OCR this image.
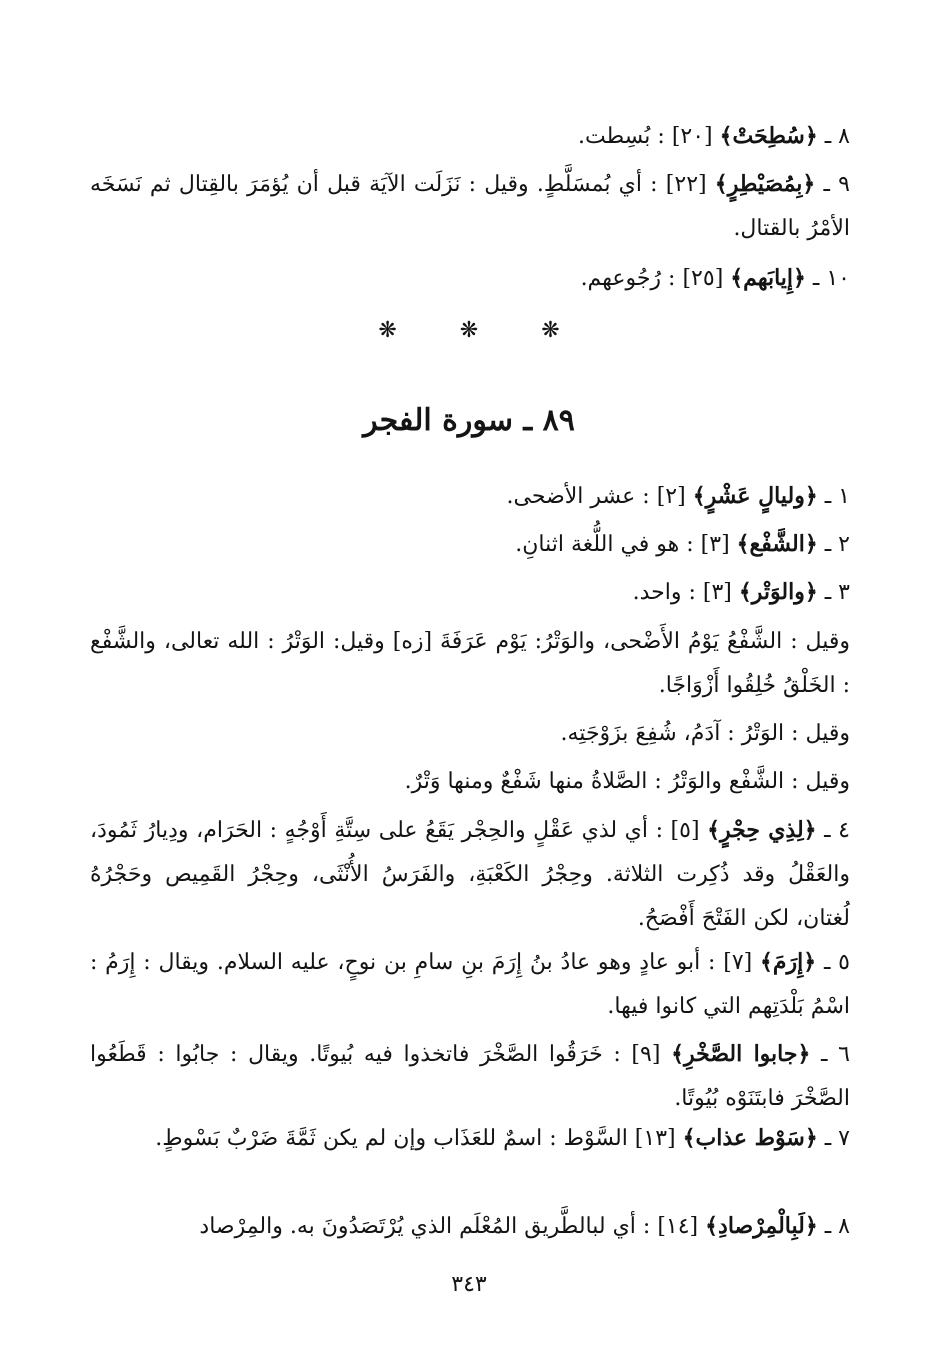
٨ ـ ﴿سُطِحَتْ﴾ [٢٠] : بُسِطت.

٩ ـ ﴿بِمُصَيْطِرٍ﴾ [٢٢] : أي بُمسَلَّطٍ. وقيل : نَزَلَت الآيَة قبل أن يُؤمَرَ بالقِتال ثم نَسَخَه الأمْرُ بالقتال.

١٠ ـ ﴿إِيابَهم﴾ [٢٥] : رُجُوعهم.

❋	❋	❋
٨٩ ـ سورة الفجر

١ ـ ﴿وليالٍ عَشْرٍ﴾ [٢] : عشر الأضحى.

٢ ـ ﴿الشَّفْع﴾ [٣] : هو في اللُّغة اثنانِ.

٣ ـ ﴿والوَتْر﴾ [٣] : واحد.

وقيل : الشَّفْعُ يَوْمُ الأَضْحى، والوَتْرُ: يَوْم عَرَفَةَ [زه] وقيل: الوَتْرُ : الله تعالى، والشَّفْع : الخَلْقُ خُلِقُوا أَزْوَاجًا.

وقيل : الوَتْرُ : آدَمُ، شُفِعَ بزَوْجَتِه.

وقيل : الشَّفْع والوَتْرُ : الصَّلاةُ منها شَفْعٌ ومنها وَتْرٌ.

٤ ـ ﴿لِذِي حِجْرٍ﴾ [٥] : أي لذي عَقْلٍ والحِجْر يَقَعُ على سِتَّةِ أَوْجُهٍ : الحَرَام، ودِيارُ ثَمُودَ، والعَقْلُ وقد ذُكِرت الثلاثة. وحِجْرُ الكَعْبَةِ، والفَرَسُ الأُنْثَى، وحِجْرُ القَمِيص وحَجْرُهُ لُغتان، لكن الفَتْحَ أَفْصَحُ.

٥ ـ ﴿إِرَمَ﴾ [٧] : أبو عادٍ وهو عادُ بنُ إِرَمَ بنِ سامِ بن نوحٍ، عليه السلام. ويقال : إِرَمُ : اسْمُ بَلْدَتِهم التي كانوا فيها.

٦ ـ ﴿جابوا الصَّخْرِ﴾ [٩] : خَرَقُوا الصَّخْرَ فاتخذوا فيه بُيوتًا. ويقال : جابُوا : قَطَعُوا الصَّخْرَ فابتَنَوْه بُيُوتًا.

٧ ـ ﴿سَوْط عذاب﴾ [١٣] السَّوْط : اسمٌ للعَذَاب وإن لم يكن ثَمَّةَ ضَرْبٌ بَسْوطٍ.

٨ ـ ﴿لَبِالْمِرْصادِ﴾ [١٤] : أي لبالطَّريق المُعْلَم الذي يُرْتَصَدُونَ به. والمِرْصاد

٣٤٣
